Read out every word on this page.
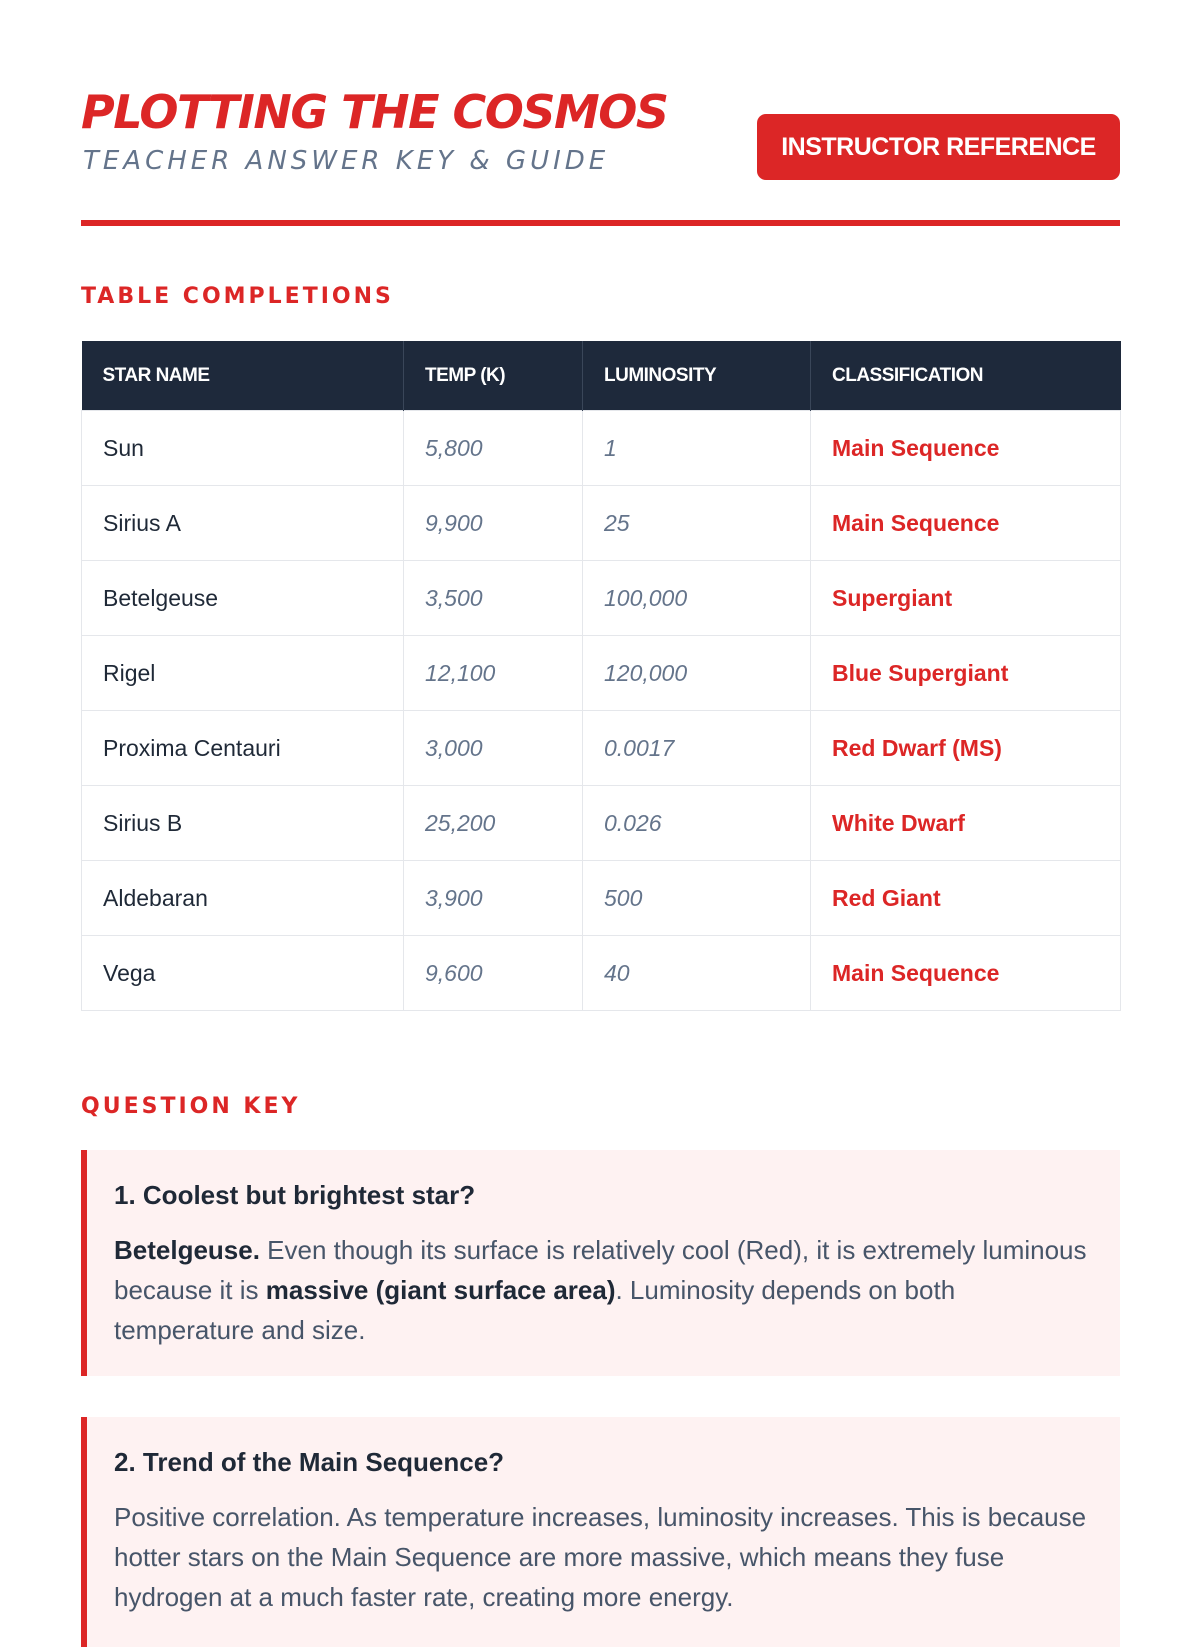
PLOTTING THE COSMOS
TEACHER ANSWER KEY & GUIDE	INSTRUCTOR REFERENCE
TABLE COMPLETIONS
STAR NAME	TEMP (K)	LUMINOSITY	CLASSIFICATION
Sun	5,800	1	Main Sequence
Sirius A	9,900	25	Main Sequence
Betelgeuse	3,500	100,000	Supergiant
Rigel	12,100	120,000	Blue Supergiant
Proxima Centauri	3,000	0.0017	Red Dwarf (MS)
Sirius B	25,200	0.026	White Dwarf
Aldebaran	3,900	500	Red Giant
Vega	9,600	40	Main Sequence
QUESTION KEY
1. Coolest but brightest star?

Betelgeuse. Even though its surface is relatively cool (Red), it is extremely luminous because it is massive (giant surface area). Luminosity depends on both temperature and size.

2. Trend of the Main Sequence?

Positive correlation. As temperature increases, luminosity increases. This is because hotter stars on the Main Sequence are more massive, which means they fuse hydrogen at a much faster rate, creating more energy.
